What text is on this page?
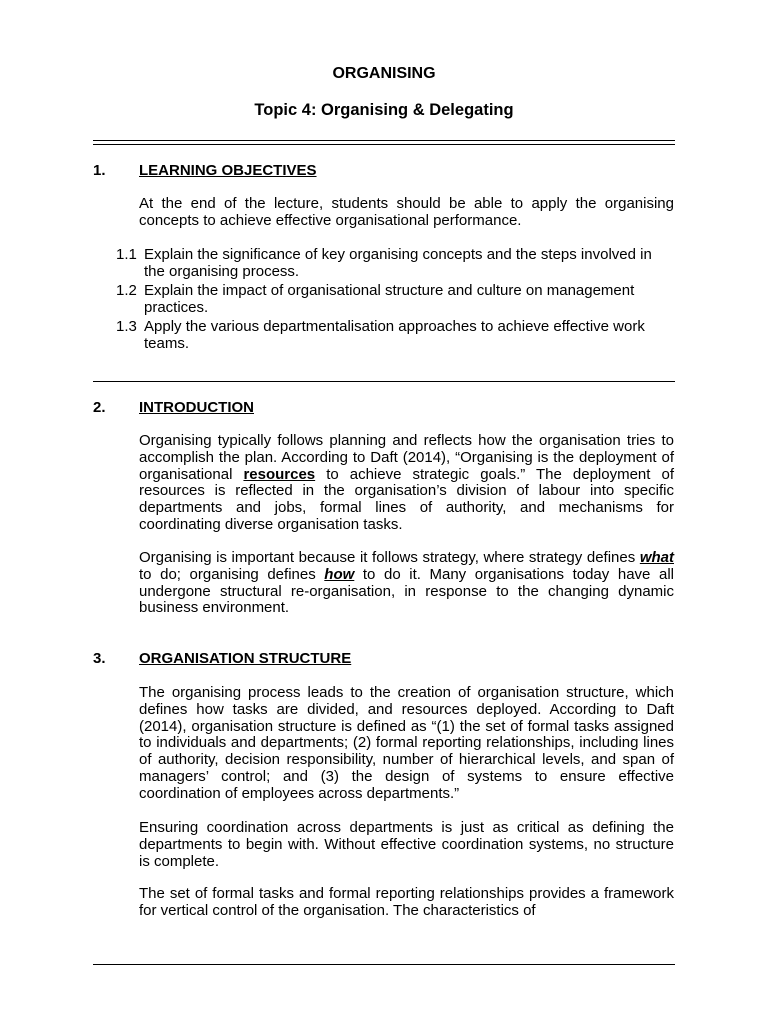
ORGANISING
Topic 4: Organising & Delegating
1. LEARNING OBJECTIVES

At the end of the lecture, students should be able to apply the organising concepts to achieve effective organisational performance.

1.1 Explain the significance of key organising concepts and the steps involved in the organising process.
1.2 Explain the impact of organisational structure and culture on management practices.
1.3 Apply the various departmentalisation approaches to achieve effective work teams.
2. INTRODUCTION

Organising typically follows planning and reflects how the organisation tries to accomplish the plan. According to Daft (2014), “Organising is the deployment of organisational resources to achieve strategic goals.” The deployment of resources is reflected in the organisation’s division of labour into specific departments and jobs, formal lines of authority, and mechanisms for coordinating diverse organisation tasks.

Organising is important because it follows strategy, where strategy defines what to do; organising defines how to do it. Many organisations today have all undergone structural re-organisation, in response to the changing dynamic business environment.

3. ORGANISATION STRUCTURE

The organising process leads to the creation of organisation structure, which defines how tasks are divided, and resources deployed. According to Daft (2014), organisation structure is defined as “(1) the set of formal tasks assigned to individuals and departments; (2) formal reporting relationships, including lines of authority, decision responsibility, number of hierarchical levels, and span of managers’ control; and (3) the design of systems to ensure effective coordination of employees across departments.”

Ensuring coordination across departments is just as critical as defining the departments to begin with. Without effective coordination systems, no structure is complete.

The set of formal tasks and formal reporting relationships provides a framework for vertical control of the organisation. The characteristics of
